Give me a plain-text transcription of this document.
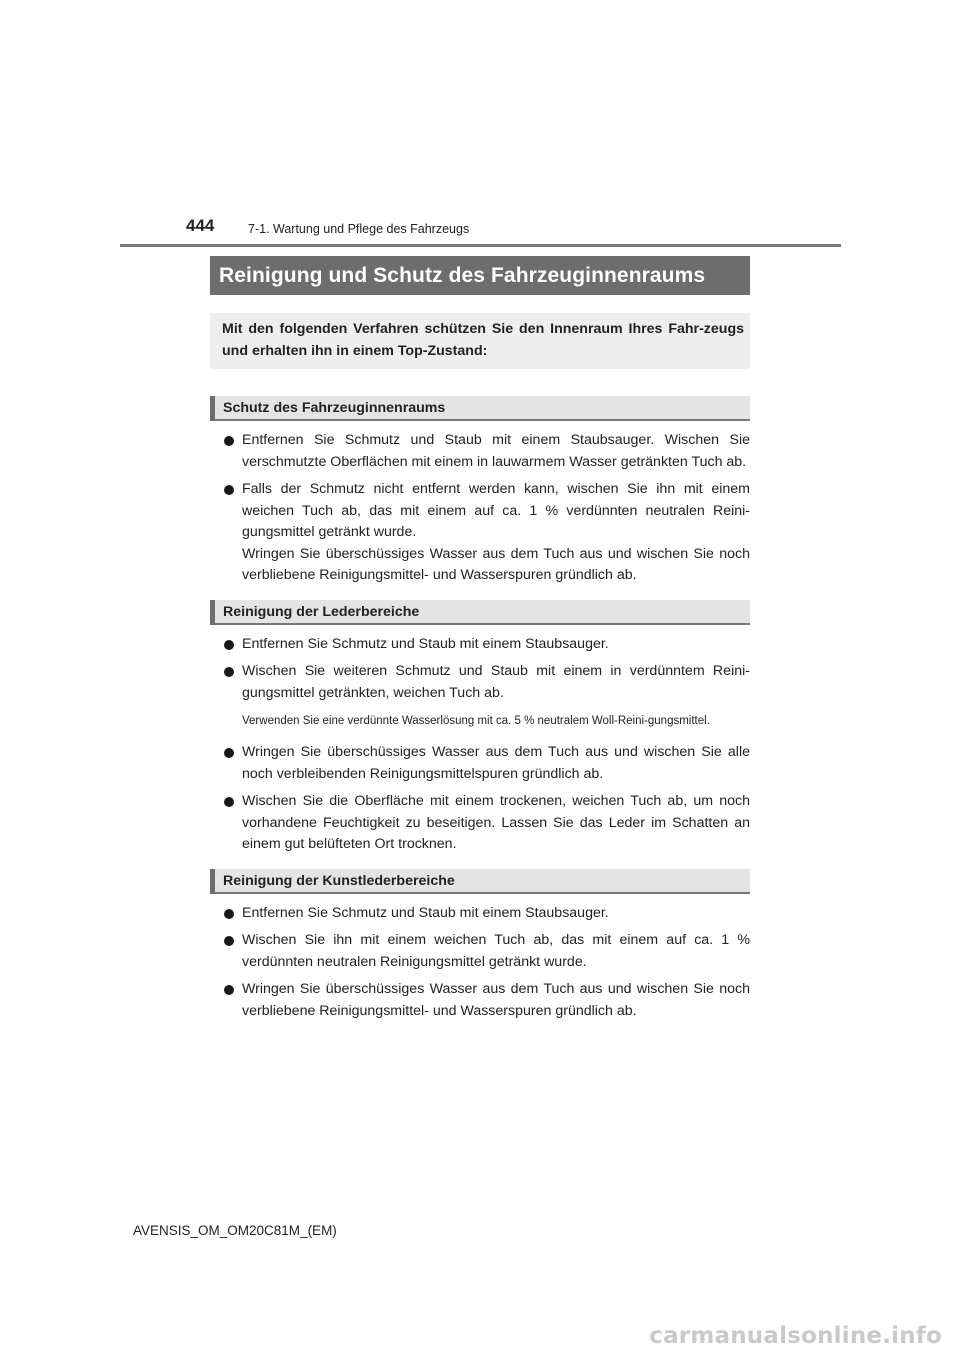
444	7-1. Wartung und Pflege des Fahrzeugs
Reinigung und Schutz des Fahrzeuginnenraums
Mit den folgenden Verfahren schützen Sie den Innenraum Ihres Fahr-zeugs und erhalten ihn in einem Top-Zustand:
Schutz des Fahrzeuginnenraums

Entfernen Sie Schmutz und Staub mit einem Staubsauger. Wischen Sie verschmutzte Oberflächen mit einem in lauwarmem Wasser getränkten Tuch ab.

Falls der Schmutz nicht entfernt werden kann, wischen Sie ihn mit einem weichen Tuch ab, das mit einem auf ca. 1 % verdünnten neutralen Reini-gungsmittel getränkt wurde.

Wringen Sie überschüssiges Wasser aus dem Tuch aus und wischen Sie noch verbliebene Reinigungsmittel- und Wasserspuren gründlich ab.

Reinigung der Lederbereiche

Entfernen Sie Schmutz und Staub mit einem Staubsauger.

Wischen Sie weiteren Schmutz und Staub mit einem in verdünntem Reini-gungsmittel getränkten, weichen Tuch ab.

Verwenden Sie eine verdünnte Wasserlösung mit ca. 5 % neutralem Woll-Reini-gungsmittel.

Wringen Sie überschüssiges Wasser aus dem Tuch aus und wischen Sie alle noch verbleibenden Reinigungsmittelspuren gründlich ab.

Wischen Sie die Oberfläche mit einem trockenen, weichen Tuch ab, um noch vorhandene Feuchtigkeit zu beseitigen. Lassen Sie das Leder im Schatten an einem gut belüfteten Ort trocknen.

Reinigung der Kunstlederbereiche

Entfernen Sie Schmutz und Staub mit einem Staubsauger.

Wischen Sie ihn mit einem weichen Tuch ab, das mit einem auf ca. 1 % verdünnten neutralen Reinigungsmittel getränkt wurde.

Wringen Sie überschüssiges Wasser aus dem Tuch aus und wischen Sie noch verbliebene Reinigungsmittel- und Wasserspuren gründlich ab.

AVENSIS_OM_OM20C81M_(EM)
carmanualsonline.info
